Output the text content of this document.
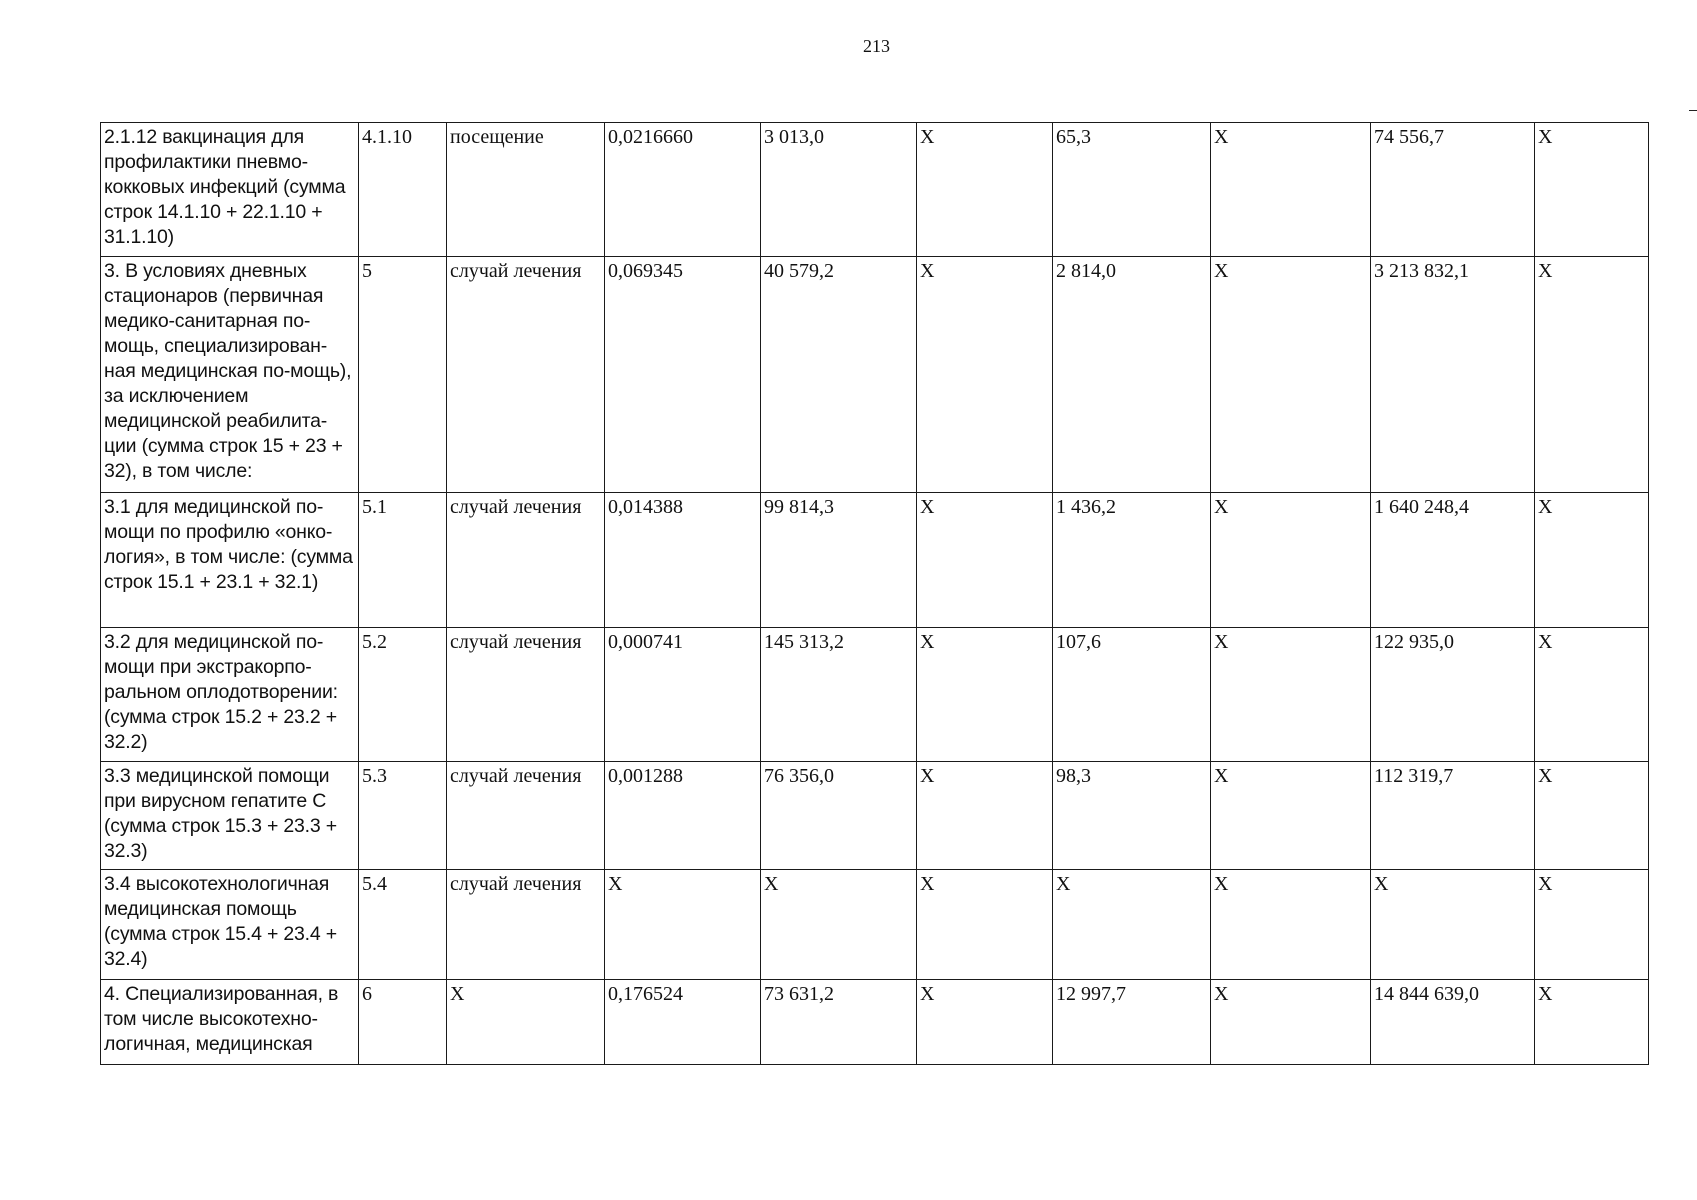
213
2.1.12 вакцинация для профилактики пневмо-кокковых инфекций (сумма строк 14.1.10 + 22.1.10 + 31.1.10)	4.1.10	посещение	0,0216660	3 013,0	X	65,3	X	74 556,7	X

3. В условиях дневных стационаров (первичная медико-санитарная по-мощь, специализирован-ная медицинская по-мощь), за исключением медицинской реабилита-ции (сумма строк 15 + 23 + 32), в том числе:	5	случай лечения	0,069345	40 579,2	X	2 814,0	X	3 213 832,1	X

3.1 для медицинской по-мощи по профилю «онко-логия», в том числе: (сумма строк 15.1 + 23.1 + 32.1)	5.1	случай лечения	0,014388	99 814,3	X	1 436,2	X	1 640 248,4	X

3.2 для медицинской по-мощи при экстракорпо-ральном оплодотворении: (сумма строк 15.2 + 23.2 + 32.2)	5.2	случай лечения	0,000741	145 313,2	X	107,6	X	122 935,0	X

3.3 медицинской помощи при вирусном гепатите С (сумма строк 15.3 + 23.3 + 32.3)	5.3	случай лечения	0,001288	76 356,0	X	98,3	X	112 319,7	X

3.4 высокотехнологичная медицинская помощь (сумма строк 15.4 + 23.4 + 32.4)	5.4	случай лечения	X	X	X	X	X	X	X

4. Специализированная, в том числе высокотехно-логичная, медицинская	6	X	0,176524	73 631,2	X	12 997,7	X	14 844 639,0	X
